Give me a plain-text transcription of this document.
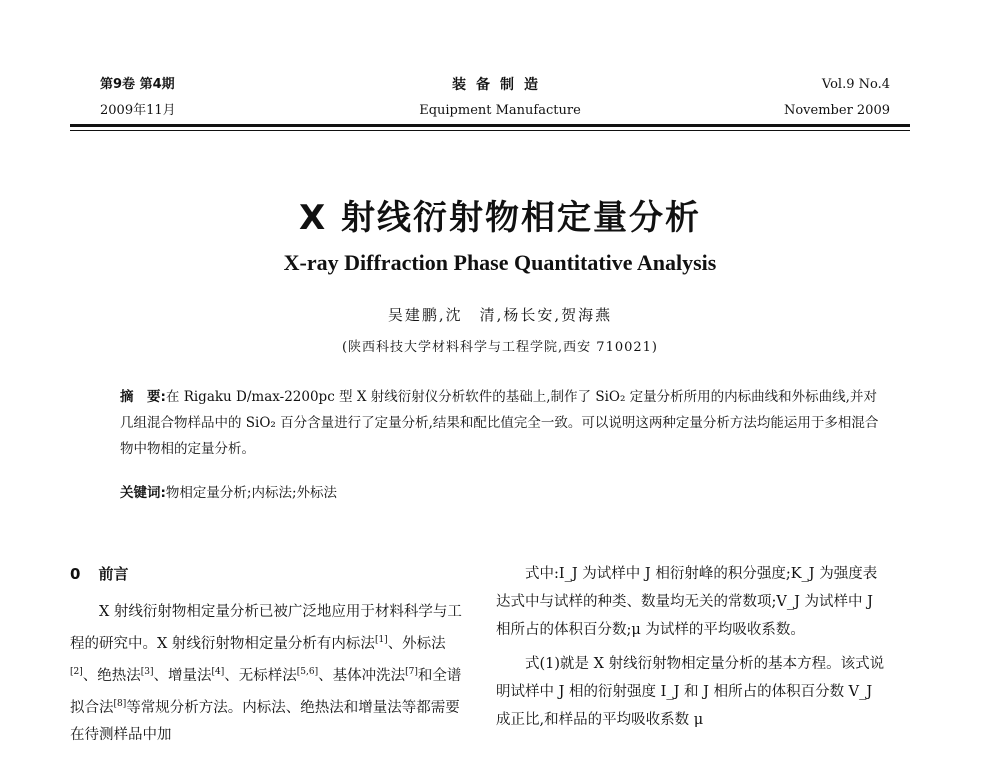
第9卷 第4期
2009年11月
装备制造
Equipment Manufacture
Vol.9 No.4
November 2009
X 射线衍射物相定量分析
X-ray Diffraction Phase Quantitative Analysis
吴建鹏,沈　清,杨长安,贺海燕
(陕西科技大学材料科学与工程学院,西安 710021)
摘　要:在 Rigaku D/max-2200pc 型 X 射线衍射仪分析软件的基础上,制作了 SiO₂ 定量分析所用的内标曲线和外标曲线,并对几组混合物样品中的 SiO₂ 百分含量进行了定量分析,结果和配比值完全一致。可以说明这两种定量分析方法均能运用于多相混合物中物相的定量分析。
关键词:物相定量分析;内标法;外标法
0 前言

X 射线衍射物相定量分析已被广泛地应用于材料科学与工程的研究中。X 射线衍射物相定量分析有内标法[1]、外标法[2]、绝热法[3]、增量法[4]、无标样法[5,6]、基体冲洗法[7]和全谱拟合法[8]等常规分析方法。内标法、绝热法和增量法等都需要在待测样品中加

式中:I_J 为试样中 J 相衍射峰的积分强度;K_J 为强度表达式中与试样的种类、数量均无关的常数项;V_J 为试样中 J 相所占的体积百分数;μ 为试样的平均吸收系数。

式(1)就是 X 射线衍射物相定量分析的基本方程。该式说明试样中 J 相的衍射强度 I_J 和 J 相所占的体积百分数 V_J 成正比,和样品的平均吸收系数 μ
